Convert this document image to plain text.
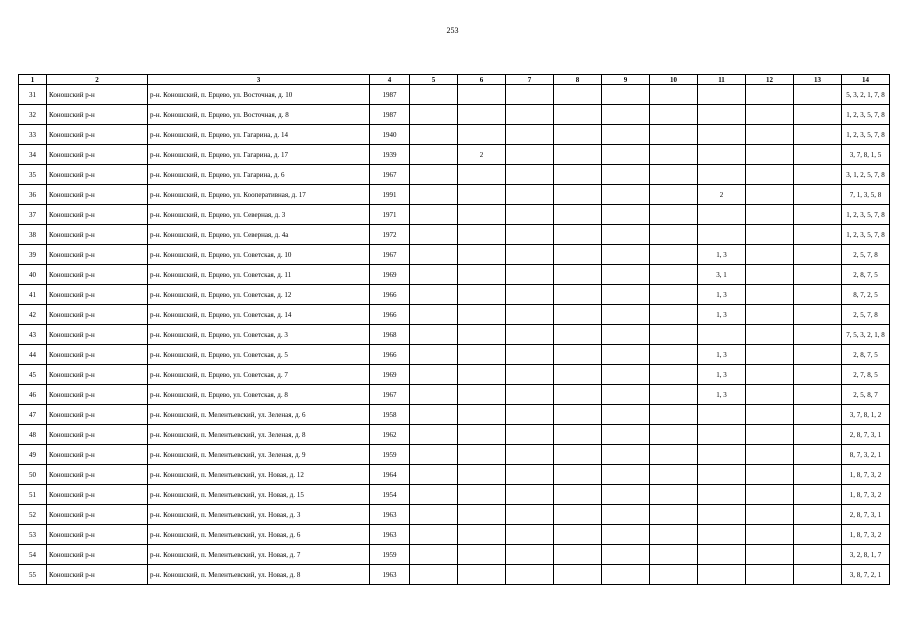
253
1	2	3	4	5	6	7	8	9	10	11	12	13	14
31	Коношский р-н	р-н. Коношский, п. Ерцево, ул. Восточная, д. 10	1987										5, 3, 2, 1, 7, 8
32	Коношский р-н	р-н. Коношский, п. Ерцево, ул. Восточная, д. 8	1987										1, 2, 3, 5, 7, 8
33	Коношский р-н	р-н. Коношский, п. Ерцево, ул. Гагарина, д. 14	1940										1, 2, 3, 5, 7, 8
34	Коношский р-н	р-н. Коношский, п. Ерцево, ул. Гагарина, д. 17	1939		2								3, 7, 8, 1, 5
35	Коношский р-н	р-н. Коношский, п. Ерцево, ул. Гагарина, д. 6	1967										3, 1, 2, 5, 7, 8
36	Коношский р-н	р-н. Коношский, п. Ерцево, ул. Кооперативная, д. 17	1991							2			7, 1, 3, 5, 8
37	Коношский р-н	р-н. Коношский, п. Ерцево, ул. Северная, д. 3	1971										1, 2, 3, 5, 7, 8
38	Коношский р-н	р-н. Коношский, п. Ерцево, ул. Северная, д. 4а	1972										1, 2, 3, 5, 7, 8
39	Коношский р-н	р-н. Коношский, п. Ерцево, ул. Советская, д. 10	1967							1, 3			2, 5, 7, 8
40	Коношский р-н	р-н. Коношский, п. Ерцево, ул. Советская, д. 11	1969							3, 1			2, 8, 7, 5
41	Коношский р-н	р-н. Коношский, п. Ерцево, ул. Советская, д. 12	1966							1, 3			8, 7, 2, 5
42	Коношский р-н	р-н. Коношский, п. Ерцево, ул. Советская, д. 14	1966							1, 3			2, 5, 7, 8
43	Коношский р-н	р-н. Коношский, п. Ерцево, ул. Советская, д. 3	1968										7, 5, 3, 2, 1, 8
44	Коношский р-н	р-н. Коношский, п. Ерцево, ул. Советская, д. 5	1966							1, 3			2, 8, 7, 5
45	Коношский р-н	р-н. Коношский, п. Ерцево, ул. Советская, д. 7	1969							1, 3			2, 7, 8, 5
46	Коношский р-н	р-н. Коношский, п. Ерцево, ул. Советская, д. 8	1967							1, 3			2, 5, 8, 7
47	Коношский р-н	р-н. Коношский, п. Мелентьевский, ул. Зеленая, д. 6	1958										3, 7, 8, 1, 2
48	Коношский р-н	р-н. Коношский, п. Мелентьевский, ул. Зеленая, д. 8	1962										2, 8, 7, 3, 1
49	Коношский р-н	р-н. Коношский, п. Мелентьевский, ул. Зеленая, д. 9	1959										8, 7, 3, 2, 1
50	Коношский р-н	р-н. Коношский, п. Мелентьевский, ул. Новая, д. 12	1964										1, 8, 7, 3, 2
51	Коношский р-н	р-н. Коношский, п. Мелентьевский, ул. Новая, д. 15	1954										1, 8, 7, 3, 2
52	Коношский р-н	р-н. Коношский, п. Мелентьевский, ул. Новая, д. 3	1963										2, 8, 7, 3, 1
53	Коношский р-н	р-н. Коношский, п. Мелентьевский, ул. Новая, д. 6	1963										1, 8, 7, 3, 2
54	Коношский р-н	р-н. Коношский, п. Мелентьевский, ул. Новая, д. 7	1959										3, 2, 8, 1, 7
55	Коношский р-н	р-н. Коношский, п. Мелентьевский, ул. Новая, д. 8	1963										3, 8, 7, 2, 1
